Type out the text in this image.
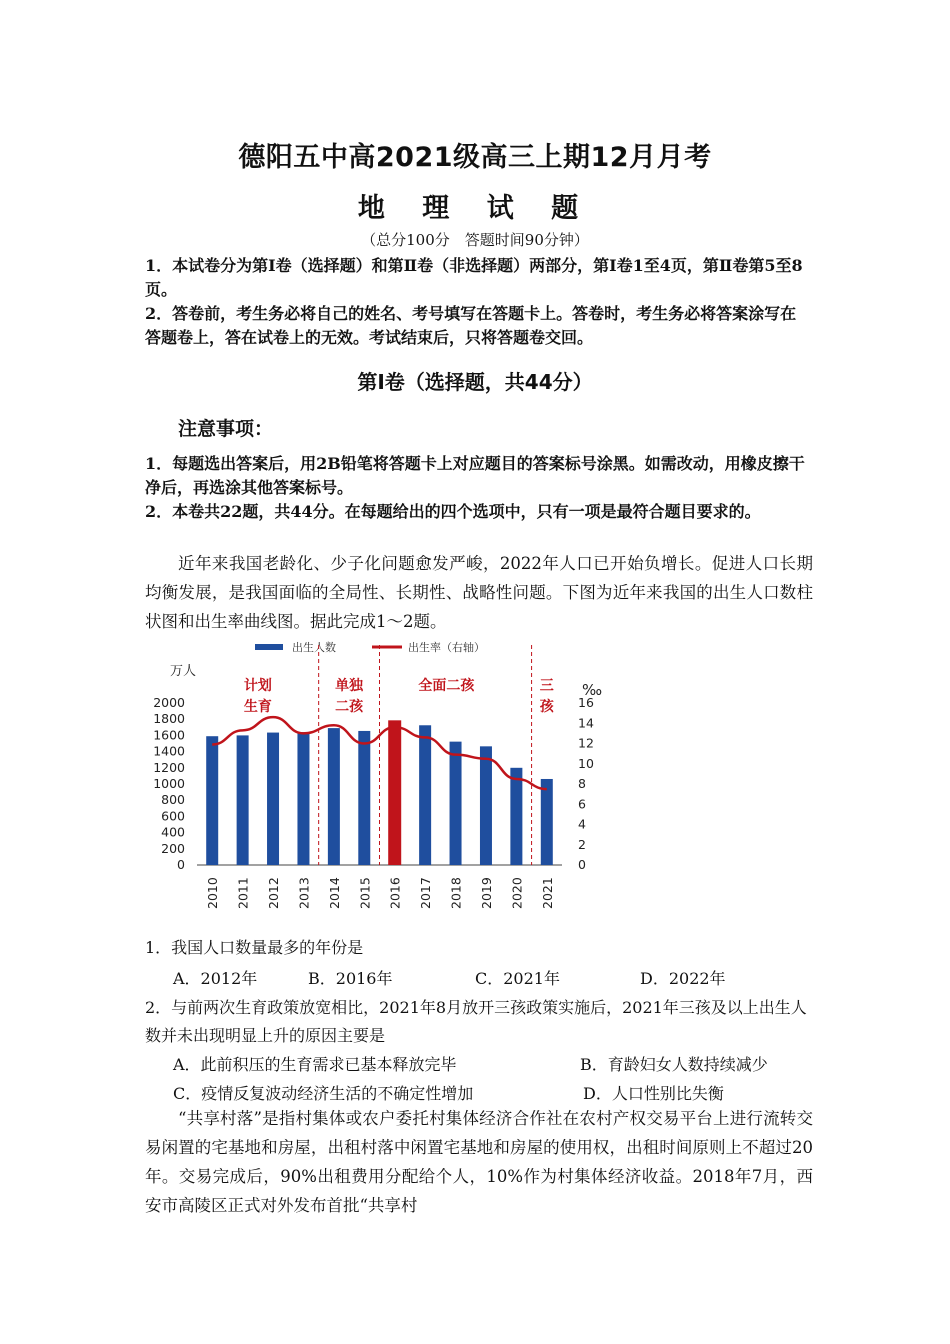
德阳五中高2021级高三上期12月月考
地 理 试 题
（总分100分　答题时间90分钟）
1．本试卷分为第Ⅰ卷（选择题）和第Ⅱ卷（非选择题）两部分，第Ⅰ卷1至4页，第Ⅱ卷第5至8页。
2．答卷前，考生务必将自己的姓名、考号填写在答题卡上。答卷时，考生务必将答案涂写在答题卷上，答在试卷上的无效。考试结束后，只将答题卷交回。
第Ⅰ卷（选择题，共44分）
注意事项：
1．每题选出答案后，用2B铅笔将答题卡上对应题目的答案标号涂黑。如需改动，用橡皮擦干净后，再选涂其他答案标号。
2．本卷共22题，共44分。在每题给出的四个选项中，只有一项是最符合题目要求的。
近年来我国老龄化、少子化问题愈发严峻，2022年人口已开始负增长。促进人口长期均衡发展，是我国面临的全局性、长期性、战略性问题。下图为近年来我国的出生人口数柱状图和出生率曲线图。据此完成1～2题。
出生人数	出生率（右轴）
万人
‰
0
200
400
600
800
1000
1200
1400
1600
1800
2000
0
2
4
6
8
10
12
14
16
2010 2011 2012 2013 2014 2015 2016 2017 2018 2019 2020 2021
计划
生育
单独
二孩
全面二孩	三
孩
1．我国人口数量最多的年份是
A．2012年	B．2016年	C．2021年	D．2022年
2．与前两次生育政策放宽相比，2021年8月放开三孩政策实施后，2021年三孩及以上出生人数并未出现明显上升的原因主要是
A．此前积压的生育需求已基本释放完毕	B．育龄妇女人数持续减少
C．疫情反复波动经济生活的不确定性增加	D．人口性别比失衡
“共享村落”是指村集体或农户委托村集体经济合作社在农村产权交易平台上进行流转交易闲置的宅基地和房屋，出租村落中闲置宅基地和房屋的使用权，出租时间原则上不超过20年。交易完成后，90%出租费用分配给个人，10%作为村集体经济收益。2018年7月，西安市高陵区正式对外发布首批“共享村
